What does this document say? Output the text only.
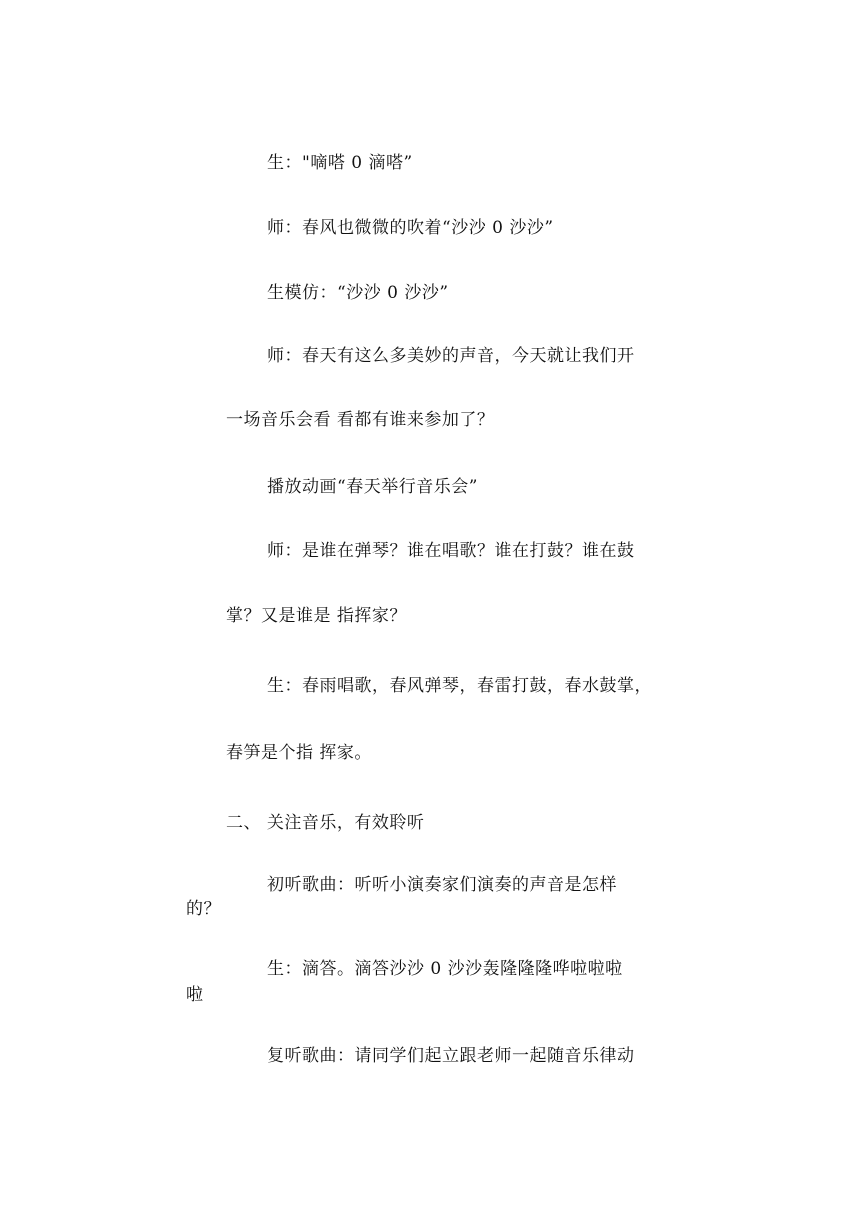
生："嘀嗒 0 滴嗒”
师：春风也微微的吹着“沙沙 0 沙沙”
生模仿：“沙沙 0 沙沙”
师：春天有这么多美妙的声音，今天就让我们开
一场音乐会看 看都有谁来参加了？
播放动画“春天举行音乐会”
师：是谁在弹琴？谁在唱歌？谁在打鼓？谁在鼓
掌？又是谁是 指挥家？
生：春雨唱歌，春风弹琴，春雷打鼓，春水鼓掌，
春笋是个指 挥家。
二、 关注音乐，有效聆听
初听歌曲：听听小演奏家们演奏的声音是怎样
的？
生：滴答。滴答沙沙 0 沙沙轰隆隆隆哗啦啦啦
啦
复听歌曲：请同学们起立跟老师一起随音乐律动
